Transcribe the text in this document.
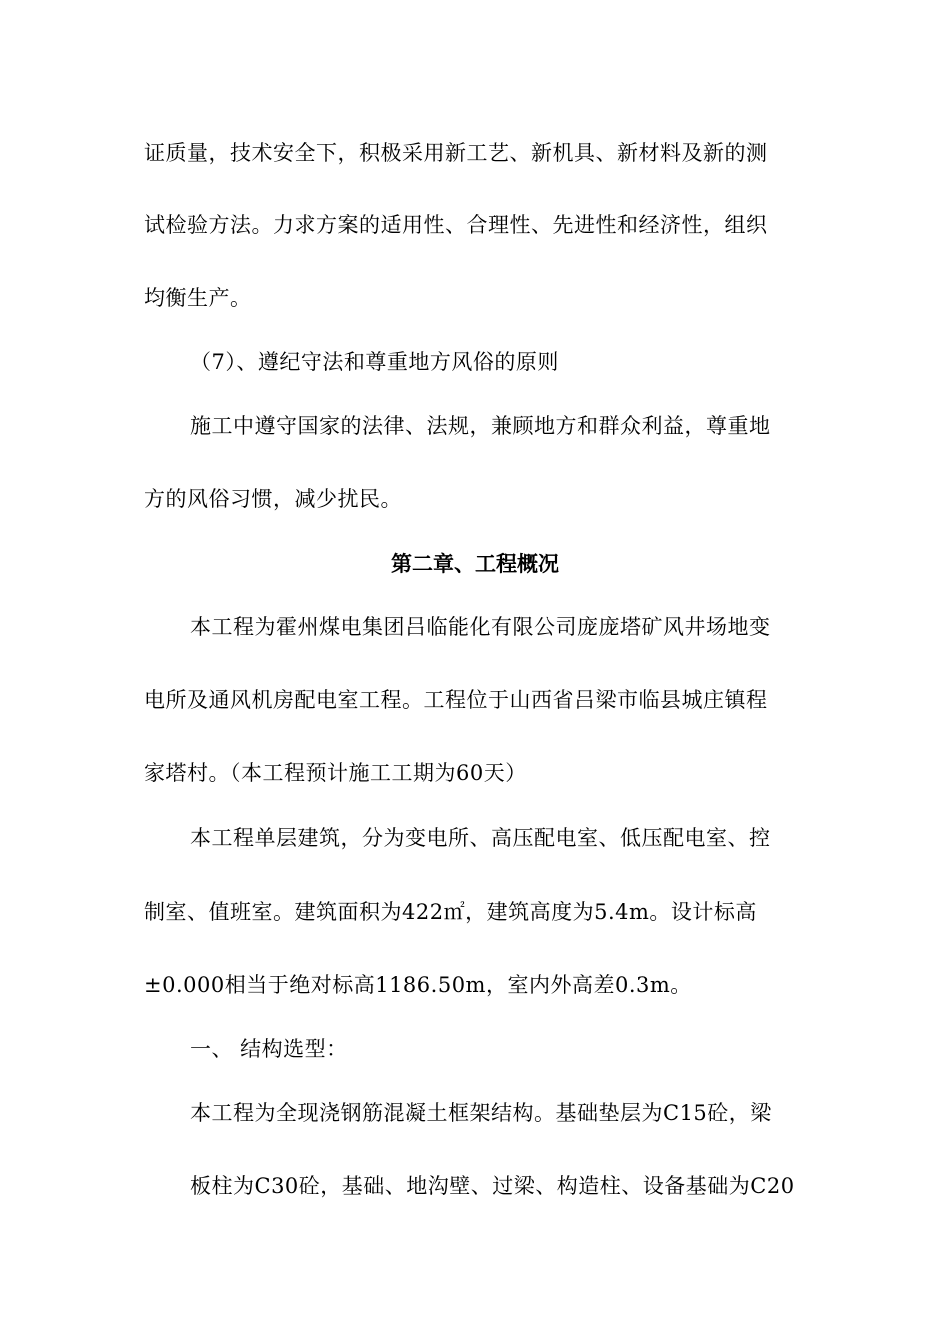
证质量，技术安全下，积极采用新工艺、新机具、新材料及新的测
试检验方法。力求方案的适用性、合理性、先进性和经济性，组织
均衡生产。
（7）、遵纪守法和尊重地方风俗的原则
施工中遵守国家的法律、法规，兼顾地方和群众利益，尊重地
方的风俗习惯，减少扰民。
第二章、工程概况
本工程为霍州煤电集团吕临能化有限公司庞庞塔矿风井场地变
电所及通风机房配电室工程。工程位于山西省吕梁市临县城庄镇程
家塔村。（本工程预计施工工期为60天）
本工程单层建筑，分为变电所、高压配电室、低压配电室、控
制室、值班室。建筑面积为422㎡，建筑高度为5.4m。设计标高
±0.000相当于绝对标高1186.50m，室内外高差0.3m。
一、 结构选型：
本工程为全现浇钢筋混凝土框架结构。基础垫层为C15砼，梁
板柱为C30砼，基础、地沟壁、过梁、构造柱、设备基础为C20
